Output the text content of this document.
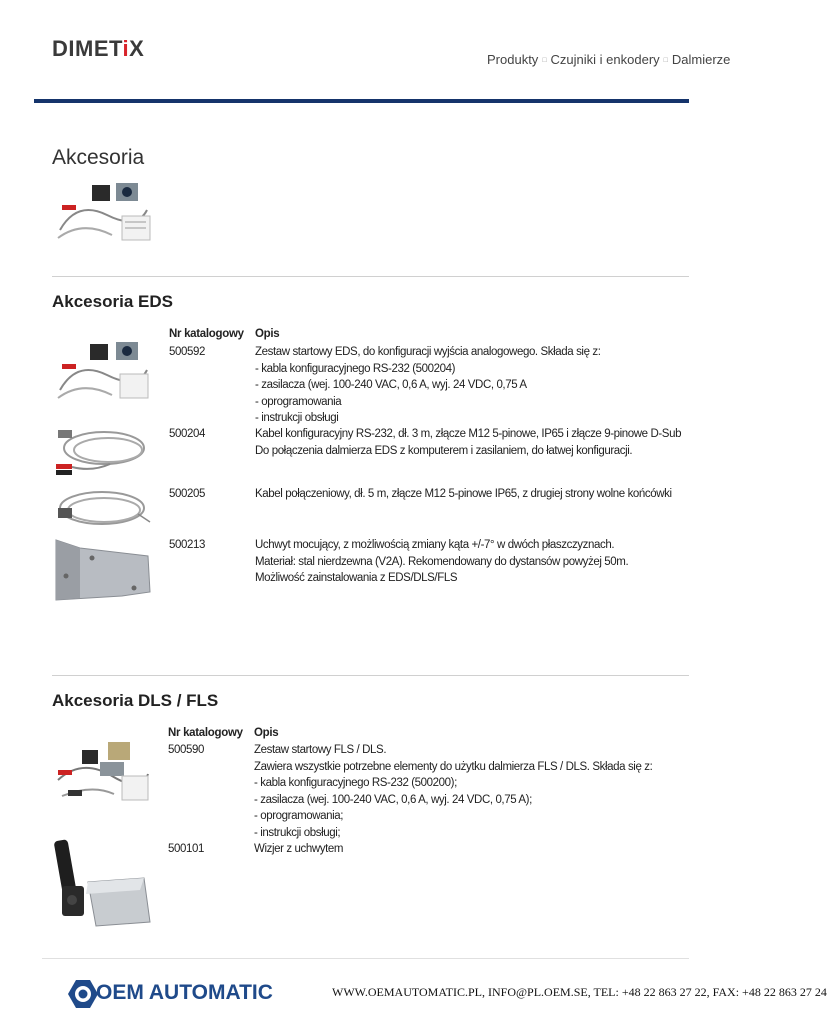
DIMETiX	Produkty □ Czujniki i enkodery □ Dalmierze
Akcesoria
Akcesoria EDS
Nr katalogowy Opis
500592	Zestaw startowy EDS, do konfiguracji wyjścia analogowego. Składa się z:
- kabla konfiguracyjnego RS-232 (500204)
- zasilacza (wej. 100-240 VAC, 0,6 A, wyj. 24 VDC, 0,75 A
- oprogramowania
- instrukcji obsługi
500204	Kabel konfiguracyjny RS-232, dł. 3 m, złącze M12 5-pinowe, IP65 i złącze 9-pinowe D-Sub
Do połączenia dalmierza EDS z komputerem i zasilaniem, do łatwej konfiguracji.
500205	Kabel połączeniowy, dł. 5 m, złącze M12 5-pinowe IP65, z drugiej strony wolne końcówki
500213	Uchwyt mocujący, z możliwością zmiany kąta +/-7° w dwóch płaszczyznach.
Materiał: stal nierdzewna (V2A). Rekomendowany do dystansów powyżej 50m.
Możliwość zainstalowania z EDS/DLS/FLS
Akcesoria DLS / FLS
Nr katalogowy Opis
500590	Zestaw startowy FLS / DLS.
Zawiera wszystkie potrzebne elementy do użytku dalmierza FLS / DLS. Składa się z:
- kabla konfiguracyjnego RS-232 (500200);
- zasilacza (wej. 100-240 VAC, 0,6 A, wyj. 24 VDC, 0,75 A);
- oprogramowania;
- instrukcji obsługi;
500101	Wizjer z uchwytem
OEM AUTOMATIC	WWW.OEMAUTOMATIC.PL, INFO@PL.OEM.SE, TEL: +48 22 863 27 22, FAX: +48 22 863 27 24
